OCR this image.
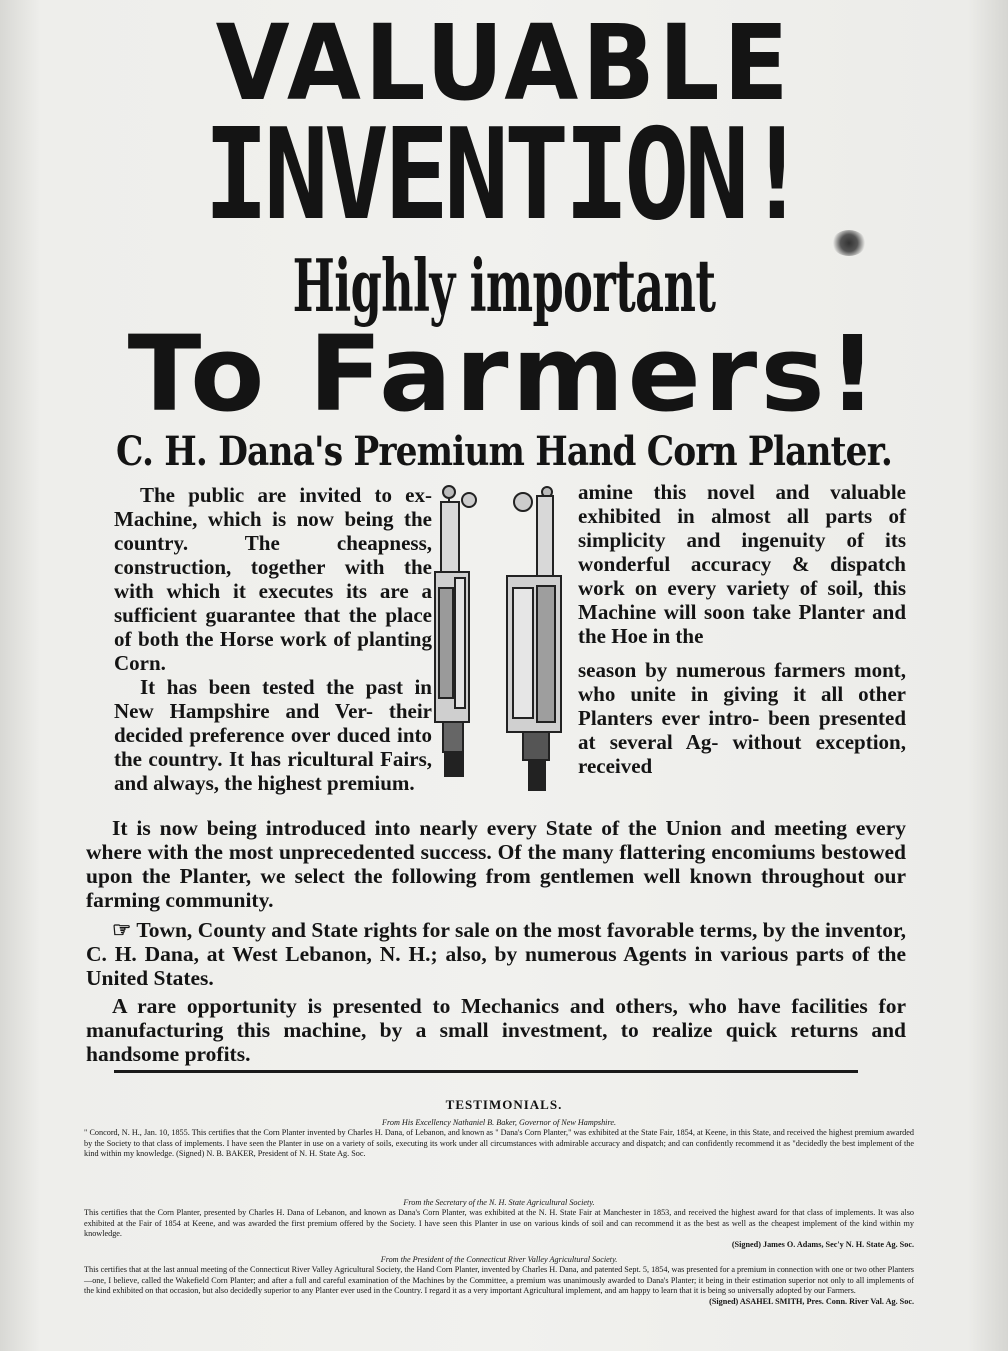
VALUABLE
INVENTION!
Highly important
To Farmers!
C. H. Dana's Premium Hand Corn Planter.

The public are invited to ex- Machine, which is now being the country. The cheapness, construction, together with the with which it executes its are a sufficient guarantee that the place of both the Horse work of planting Corn.

It has been tested the past in New Hampshire and Ver- their decided preference over duced into the country. It has ricultural Fairs, and always, the highest premium.

amine this novel and valuable exhibited in almost all parts of simplicity and ingenuity of its wonderful accuracy & dispatch work on every variety of soil, this Machine will soon take Planter and the Hoe in the

season by numerous farmers mont, who unite in giving it all other Planters ever intro- been presented at several Ag- without exception, received

It is now being introduced into nearly every State of the Union and meeting every where with the most unprecedented success. Of the many flattering encomiums bestowed upon the Planter, we select the following from gentlemen well known throughout our farming community.

☞ Town, County and State rights for sale on the most favorable terms, by the inventor, C. H. Dana, at West Lebanon, N. H.; also, by numerous Agents in various parts of the United States.

A rare opportunity is presented to Mechanics and others, who have facilities for manufacturing this machine, by a small investment, to realize quick returns and handsome profits.

TESTIMONIALS.
From His Excellency Nathaniel B. Baker, Governor of New Hampshire.
" Concord, N. H., Jan. 10, 1855. This certifies that the Corn Planter invented by Charles H. Dana, of Lebanon, and known as " Dana's Corn Planter," was exhibited at the State Fair, 1854, at Keene, in this State, and received the highest premium awarded by the Society to that class of implements. I have seen the Planter in use on a variety of soils, executing its work under all circumstances with admirable accuracy and dispatch; and can confidently recommend it as "decidedly the best implement of the kind within my knowledge. (Signed) N. B. BAKER, President of N. H. State Ag. Soc.
From the Secretary of the N. H. State Agricultural Society.
This certifies that the Corn Planter, presented by Charles H. Dana of Lebanon, and known as Dana's Corn Planter, was exhibited at the N. H. State Fair at Manchester in 1853, and received the highest award for that class of implements. It was also exhibited at the Fair of 1854 at Keene, and was awarded the first premium offered by the Society. I have seen this Planter in use on various kinds of soil and can recommend it as the best as well as the cheapest implement of the kind within my knowledge.
(Signed) James O. Adams, Sec'y N. H. State Ag. Soc.
From the President of the Connecticut River Valley Agricultural Society.
This certifies that at the last annual meeting of the Connecticut River Valley Agricultural Society, the Hand Corn Planter, invented by Charles H. Dana, and patented Sept. 5, 1854, was presented for a premium in connection with one or two other Planters—one, I believe, called the Wakefield Corn Planter; and after a full and careful examination of the Machines by the Committee, a premium was unanimously awarded to Dana's Planter; it being in their estimation superior not only to all implements of the kind exhibited on that occasion, but also decidedly superior to any Planter ever used in the Country. I regard it as a very important Agricultural implement, and am happy to learn that it is being so universally adopted by our Farmers.
(Signed) ASAHEL SMITH, Pres. Conn. River Val. Ag. Soc.
